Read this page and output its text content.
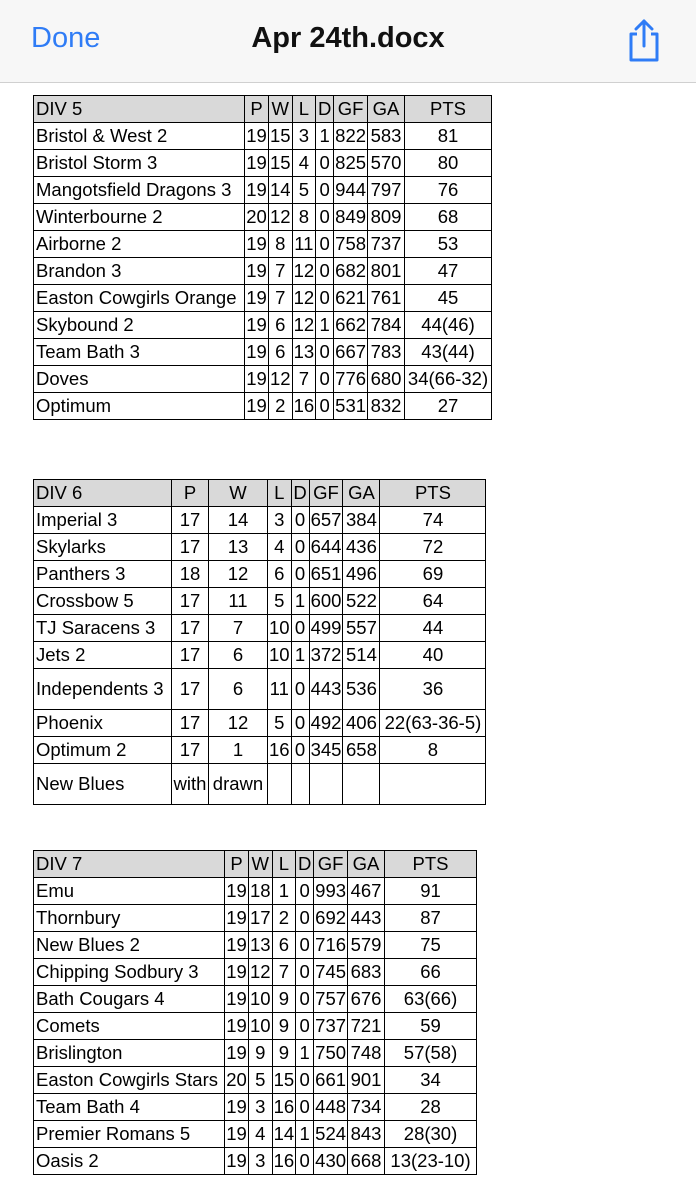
Done	Apr 24th.docx
DIV 5	P	W	L	D	GF	GA	PTS
Bristol & West 2	19	15	3	1	822	583	81
Bristol Storm 3	19	15	4	0	825	570	80
Mangotsfield Dragons 3	19	14	5	0	944	797	76
Winterbourne 2	20	12	8	0	849	809	68
Airborne 2	19	8	11	0	758	737	53
Brandon 3	19	7	12	0	682	801	47
Easton Cowgirls Orange	19	7	12	0	621	761	45
Skybound 2	19	6	12	1	662	784	44(46)
Team Bath 3	19	6	13	0	667	783	43(44)
Doves	19	12	7	0	776	680	34(66-32)
Optimum	19	2	16	0	531	832	27
DIV 6	P	W	L	D	GF	GA	PTS
Imperial 3	17	14	3	0	657	384	74
Skylarks	17	13	4	0	644	436	72
Panthers 3	18	12	6	0	651	496	69
Crossbow 5	17	11	5	1	600	522	64
TJ Saracens 3	17	7	10	0	499	557	44
Jets 2	17	6	10	1	372	514	40
Independents 3	17	6	11	0	443	536	36
Phoenix	17	12	5	0	492	406	22(63-36-5)
Optimum 2	17	1	16	0	345	658	8
New Blues	with	drawn					
DIV 7	P	W	L	D	GF	GA	PTS
Emu	19	18	1	0	993	467	91
Thornbury	19	17	2	0	692	443	87
New Blues 2	19	13	6	0	716	579	75
Chipping Sodbury 3	19	12	7	0	745	683	66
Bath Cougars 4	19	10	9	0	757	676	63(66)
Comets	19	10	9	0	737	721	59
Brislington	19	9	9	1	750	748	57(58)
Easton Cowgirls Stars	20	5	15	0	661	901	34
Team Bath 4	19	3	16	0	448	734	28
Premier Romans 5	19	4	14	1	524	843	28(30)
Oasis 2	19	3	16	0	430	668	13(23-10)
